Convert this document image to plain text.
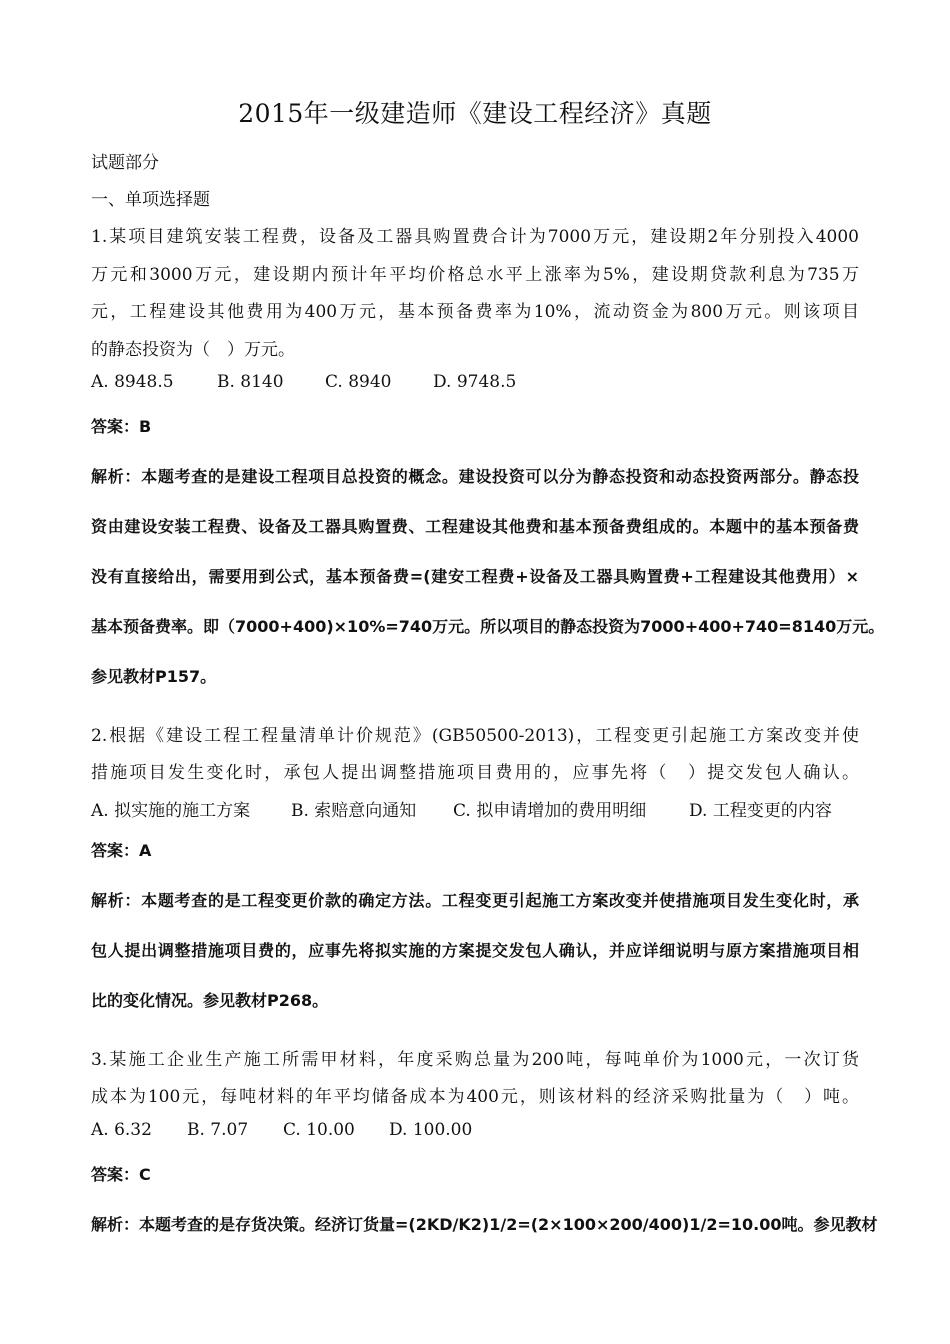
2015年一级建造师《建设工程经济》真题
试题部分
一、单项选择题
1.某项目建筑安装工程费，设备及工器具购置费合计为7000万元，建设期2年分别投入4000
万元和3000万元，建设期内预计年平均价格总水平上涨率为5%，建设期贷款利息为735万
元，工程建设其他费用为400万元，基本预备费率为10%，流动资金为800万元。则该项目
的静态投资为（　）万元。
A. 8948.5	B. 8140 C. 8940 D. 9748.5
答案：B
解析：本题考查的是建设工程项目总投资的概念。建设投资可以分为静态投资和动态投资两部分。静态投
资由建设安装工程费、设备及工器具购置费、工程建设其他费和基本预备费组成的。本题中的基本预备费
没有直接给出，需要用到公式，基本预备费=(建安工程费+设备及工器具购置费+工程建设其他费用）×
基本预备费率。即（7000+400)×10%=740万元。所以项目的静态投资为7000+400+740=8140万元。
参见教材P157。
2.根据《建设工程工程量清单计价规范》(GB50500-2013)，工程变更引起施工方案改变并使
措施项目发生变化时，承包人提出调整措施项目费用的，应事先将（　）提交发包人确认。
A. 拟实施的施工方案 B. 索赔意向通知 C. 拟申请增加的费用明细	D. 工程变更的内容
答案：A
解析：本题考查的是工程变更价款的确定方法。工程变更引起施工方案改变并使措施项目发生变化时，承
包人提出调整措施项目费的，应事先将拟实施的方案提交发包人确认，并应详细说明与原方案措施项目相
比的变化情况。参见教材P268。
3.某施工企业生产施工所需甲材料，年度采购总量为200吨，每吨单价为1000元，一次订货
成本为100元，每吨材料的年平均储备成本为400元，则该材料的经济采购批量为（　）吨。
A. 6.32 B. 7.07 C. 10.00 D. 100.00
答案：C
解析：本题考查的是存货决策。经济订货量=(2KD/K2)1/2=(2×100×200/400)1/2=10.00吨。参见教材
